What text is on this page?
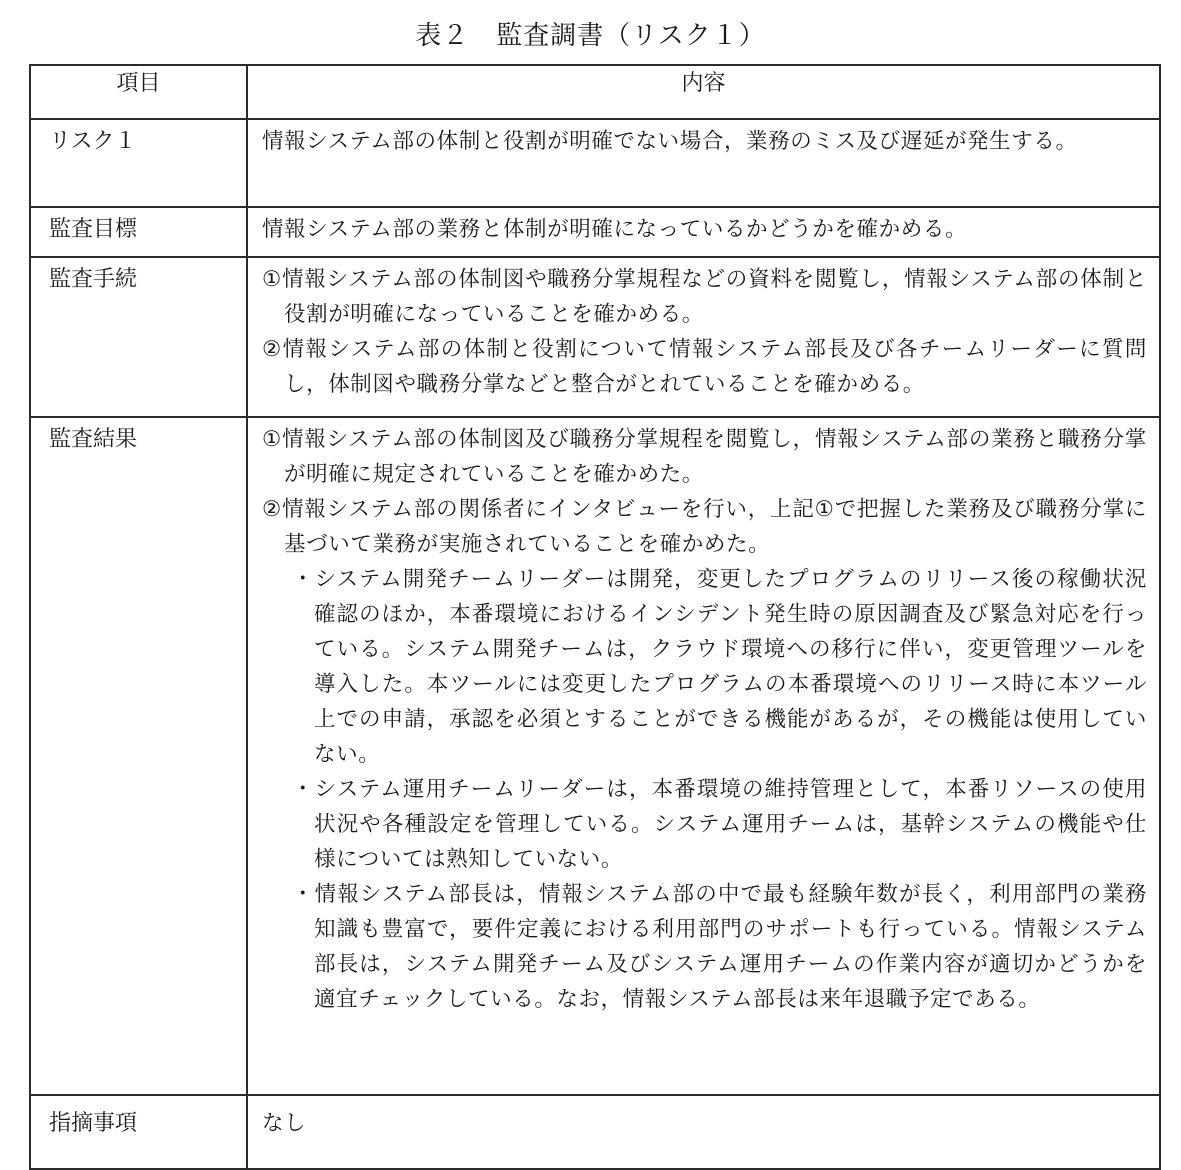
表２　監査調書（リスク１）
項目	内容
リスク１	情報システム部の体制と役割が明確でない場合，業務のミス及び遅延が発生する。

監査目標	情報システム部の業務と体制が明確になっているかどうかを確かめる。

監査手続	①情報システム部の体制図や職務分掌規程などの資料を閲覧し，情報システム部の体制と役割が明確になっていることを確かめる。

②情報システム部の体制と役割について情報システム部長及び各チームリーダーに質問し，体制図や職務分掌などと整合がとれていることを確かめる。

監査結果	①情報システム部の体制図及び職務分掌規程を閲覧し，情報システム部の業務と職務分掌が明確に規定されていることを確かめた。

②情報システム部の関係者にインタビューを行い，上記①で把握した業務及び職務分掌に基づいて業務が実施されていることを確かめた。

・システム開発チームリーダーは開発，変更したプログラムのリリース後の稼働状況確認のほか，本番環境におけるインシデント発生時の原因調査及び緊急対応を行っている。システム開発チームは，クラウド環境への移行に伴い，変更管理ツールを導入した。本ツールには変更したプログラムの本番環境へのリリース時に本ツール上での申請，承認を必須とすることができる機能があるが，その機能は使用していない。

・システム運用チームリーダーは，本番環境の維持管理として，本番リソースの使用状況や各種設定を管理している。システム運用チームは，基幹システムの機能や仕様については熟知していない。

・情報システム部長は，情報システム部の中で最も経験年数が長く，利用部門の業務知識も豊富で，要件定義における利用部門のサポートも行っている。情報システム部長は，システム開発チーム及びシステム運用チームの作業内容が適切かどうかを適宜チェックしている。なお，情報システム部長は来年退職予定である。

指摘事項	なし
